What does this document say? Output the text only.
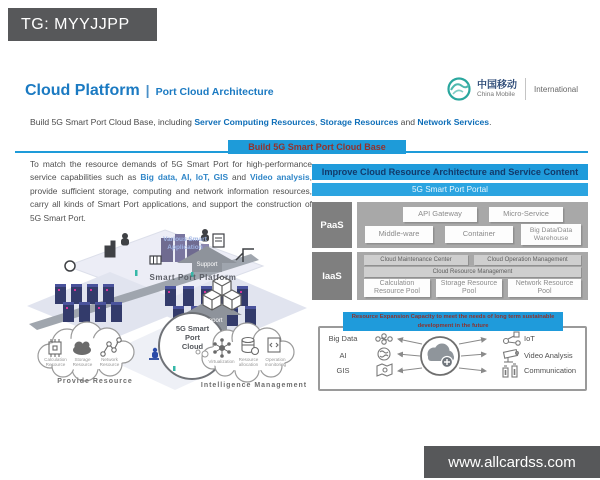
TG: MYYJJPP
www.allcardss.com
Cloud Platform | Port Cloud Architecture
中国移动
China Mobile
International
Build 5G Smart Port Cloud Base, including Server Computing Resources, Storage Resources and Network Services.
Build 5G Smart Port Cloud Base
To match the resource demands of 5G Smart Port for high-performance service capabilities such as Big data, AI, IoT, GIS and Video analysis, provide sufficient storage, computing and network information resources, carry all kinds of Smart Port applications, and support the construction of 5G Smart Port.
Various Smart Application
Support
Smart Port Platform
Support
5G Smart Port Cloud
Calculation Resource
Storage Resource
Network Resource
Virtualization Resource allocation
Operation monitoring
Provide Resource
Intelligence Management
Improve Cloud Resource Architecture and Service Content
5G Smart Port Portal
PaaS
API Gateway	Micro-Service
Middle-ware	Container	Big Data/Data Warehouse
IaaS
Cloud Maintenance Center	Cloud Operation Management
Cloud Resource Management
Calculation Resource Pool
Storage Resource Pool
Network Resource Pool
Resource Expansion Capacity to meet the needs of long term sustainable development in the future
Big Data
AI
GIS
IoT
Video Analysis
Communication
